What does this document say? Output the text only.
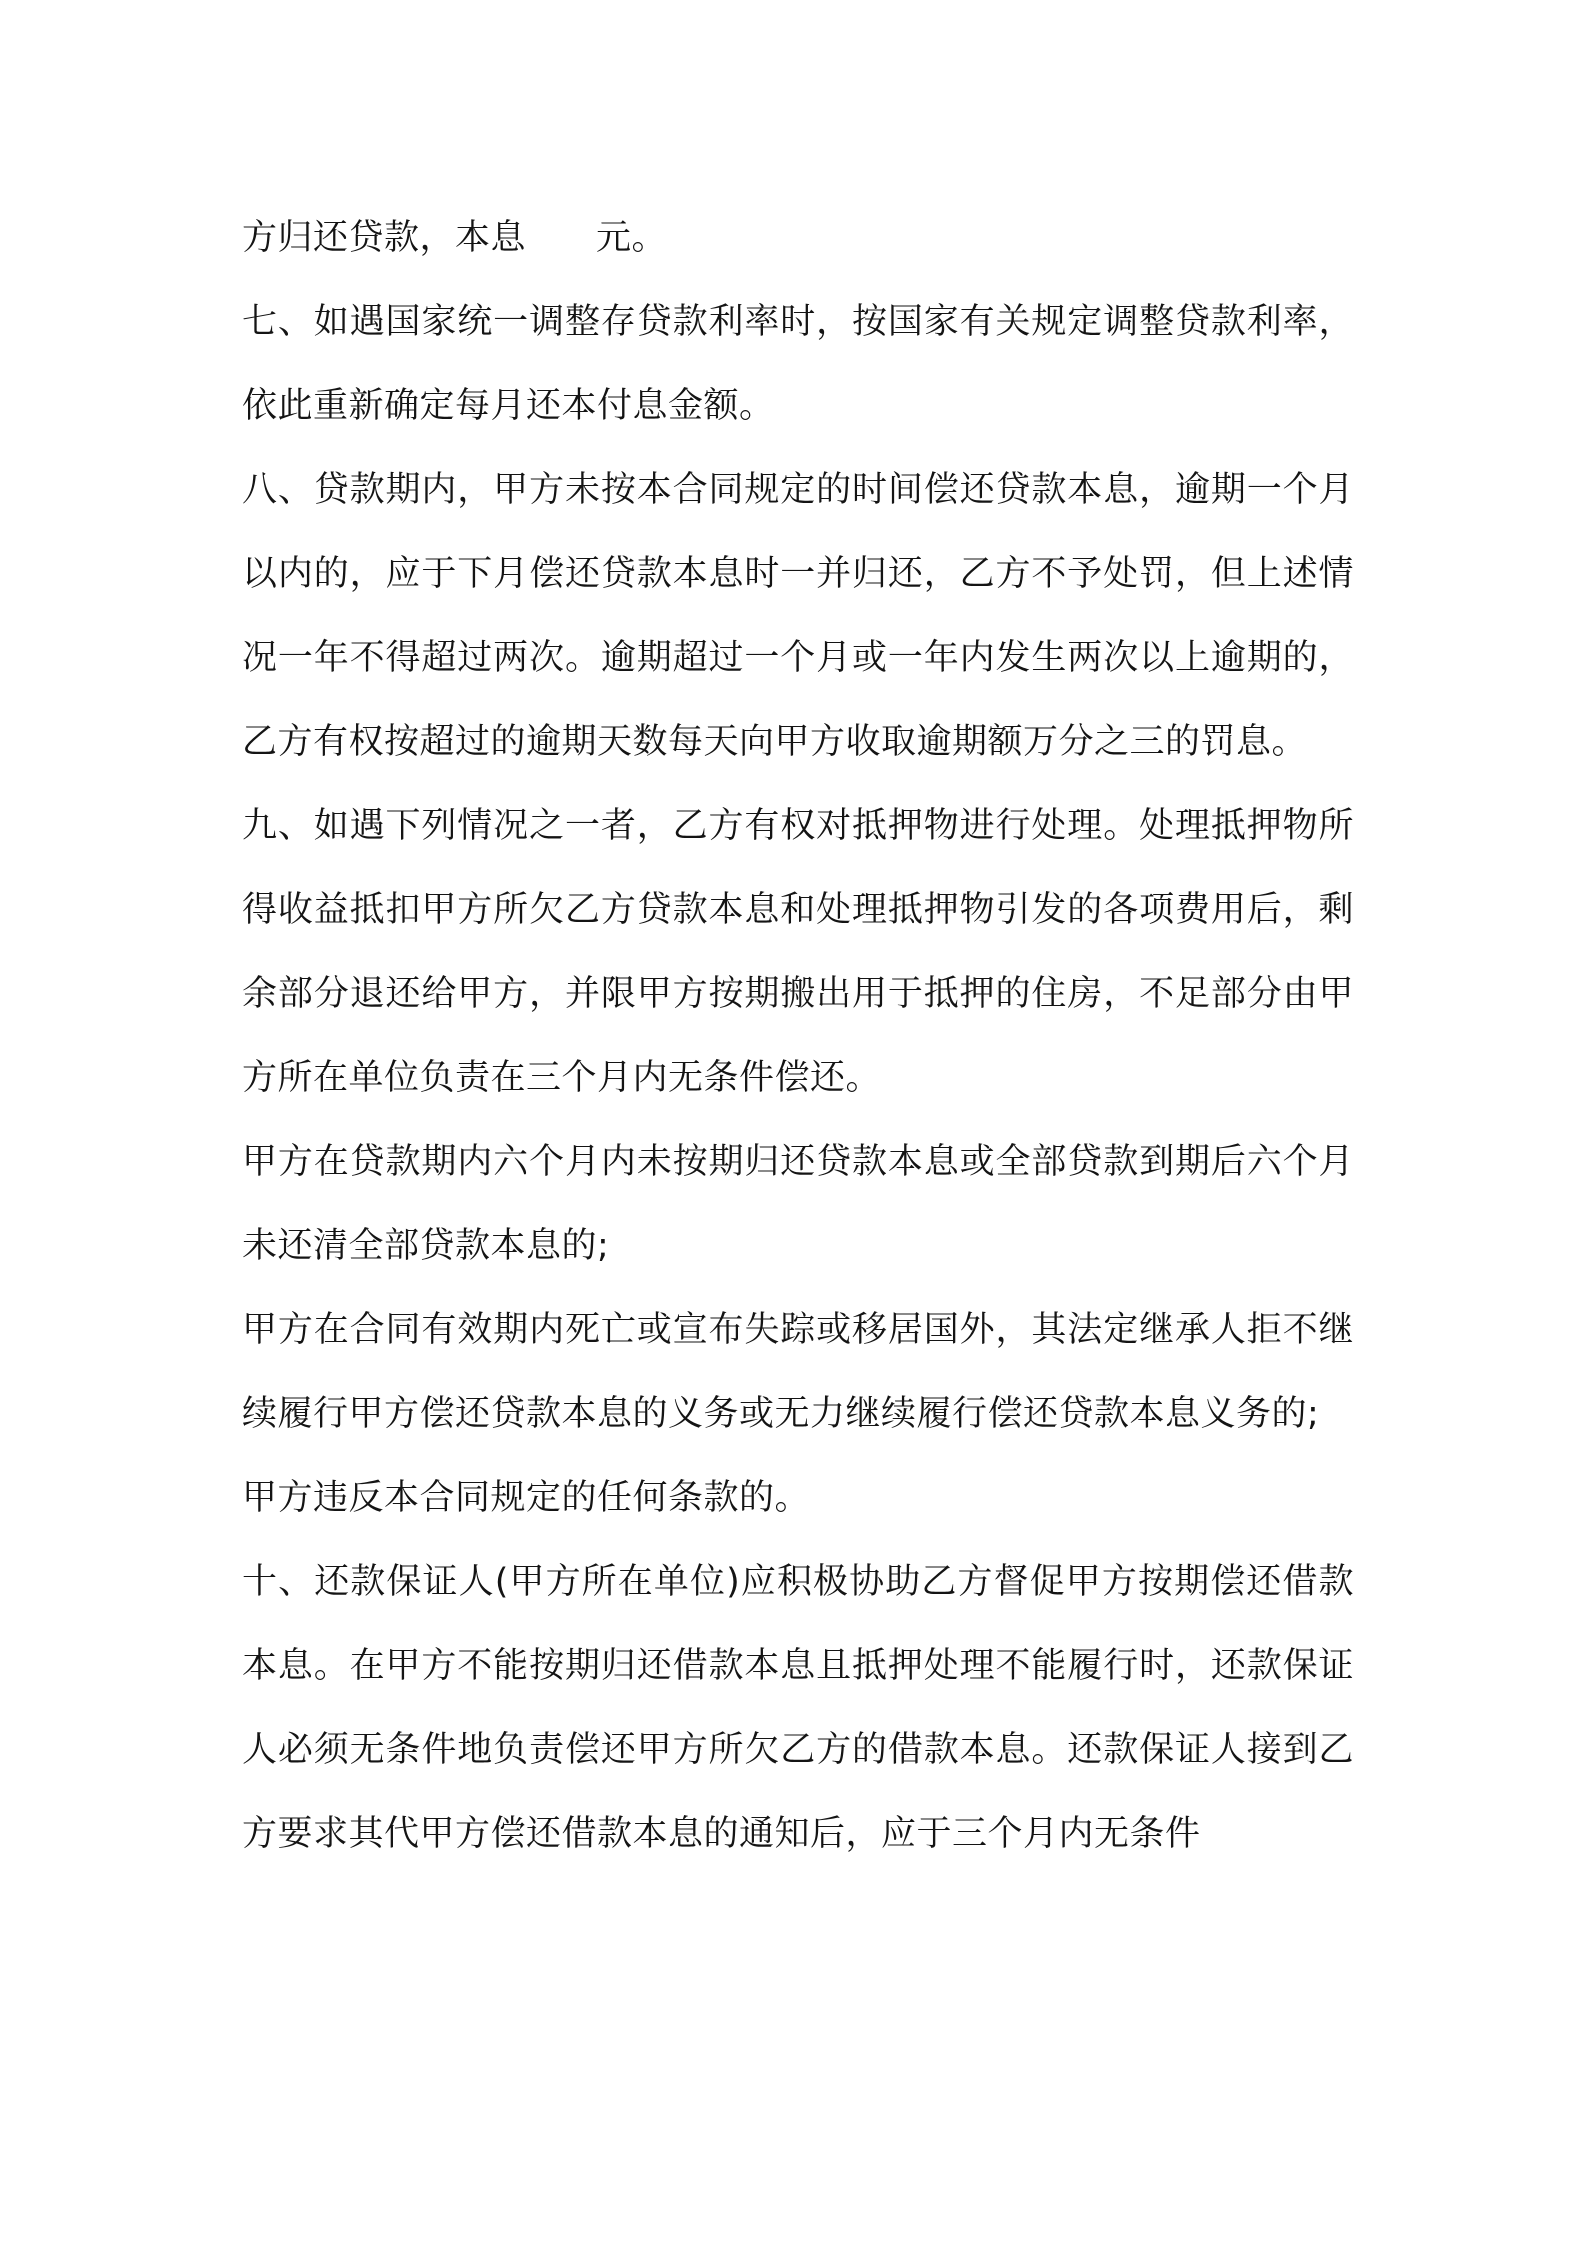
方归还贷款，本息 元。

七、如遇国家统一调整存贷款利率时，按国家有关规定调整贷款利率，依此重新确定每月还本付息金额。

八、贷款期内，甲方未按本合同规定的时间偿还贷款本息，逾期一个月以内的，应于下月偿还贷款本息时一并归还，乙方不予处罚，但上述情况一年不得超过两次。逾期超过一个月或一年内发生两次以上逾期的，乙方有权按超过的逾期天数每天向甲方收取逾期额万分之三的罚息。

九、如遇下列情况之一者，乙方有权对抵押物进行处理。处理抵押物所得收益抵扣甲方所欠乙方贷款本息和处理抵押物引发的各项费用后，剩余部分退还给甲方，并限甲方按期搬出用于抵押的住房，不足部分由甲方所在单位负责在三个月内无条件偿还。

甲方在贷款期内六个月内未按期归还贷款本息或全部贷款到期后六个月未还清全部贷款本息的;

甲方在合同有效期内死亡或宣布失踪或移居国外，其法定继承人拒不继续履行甲方偿还贷款本息的义务或无力继续履行偿还贷款本息义务的;

甲方违反本合同规定的任何条款的。

十、还款保证人(甲方所在单位)应积极协助乙方督促甲方按期偿还借款本息。在甲方不能按期归还借款本息且抵押处理不能履行时，还款保证人必须无条件地负责偿还甲方所欠乙方的借款本息。还款保证人接到乙方要求其代甲方偿还借款本息的通知后，应于三个月内无条件
